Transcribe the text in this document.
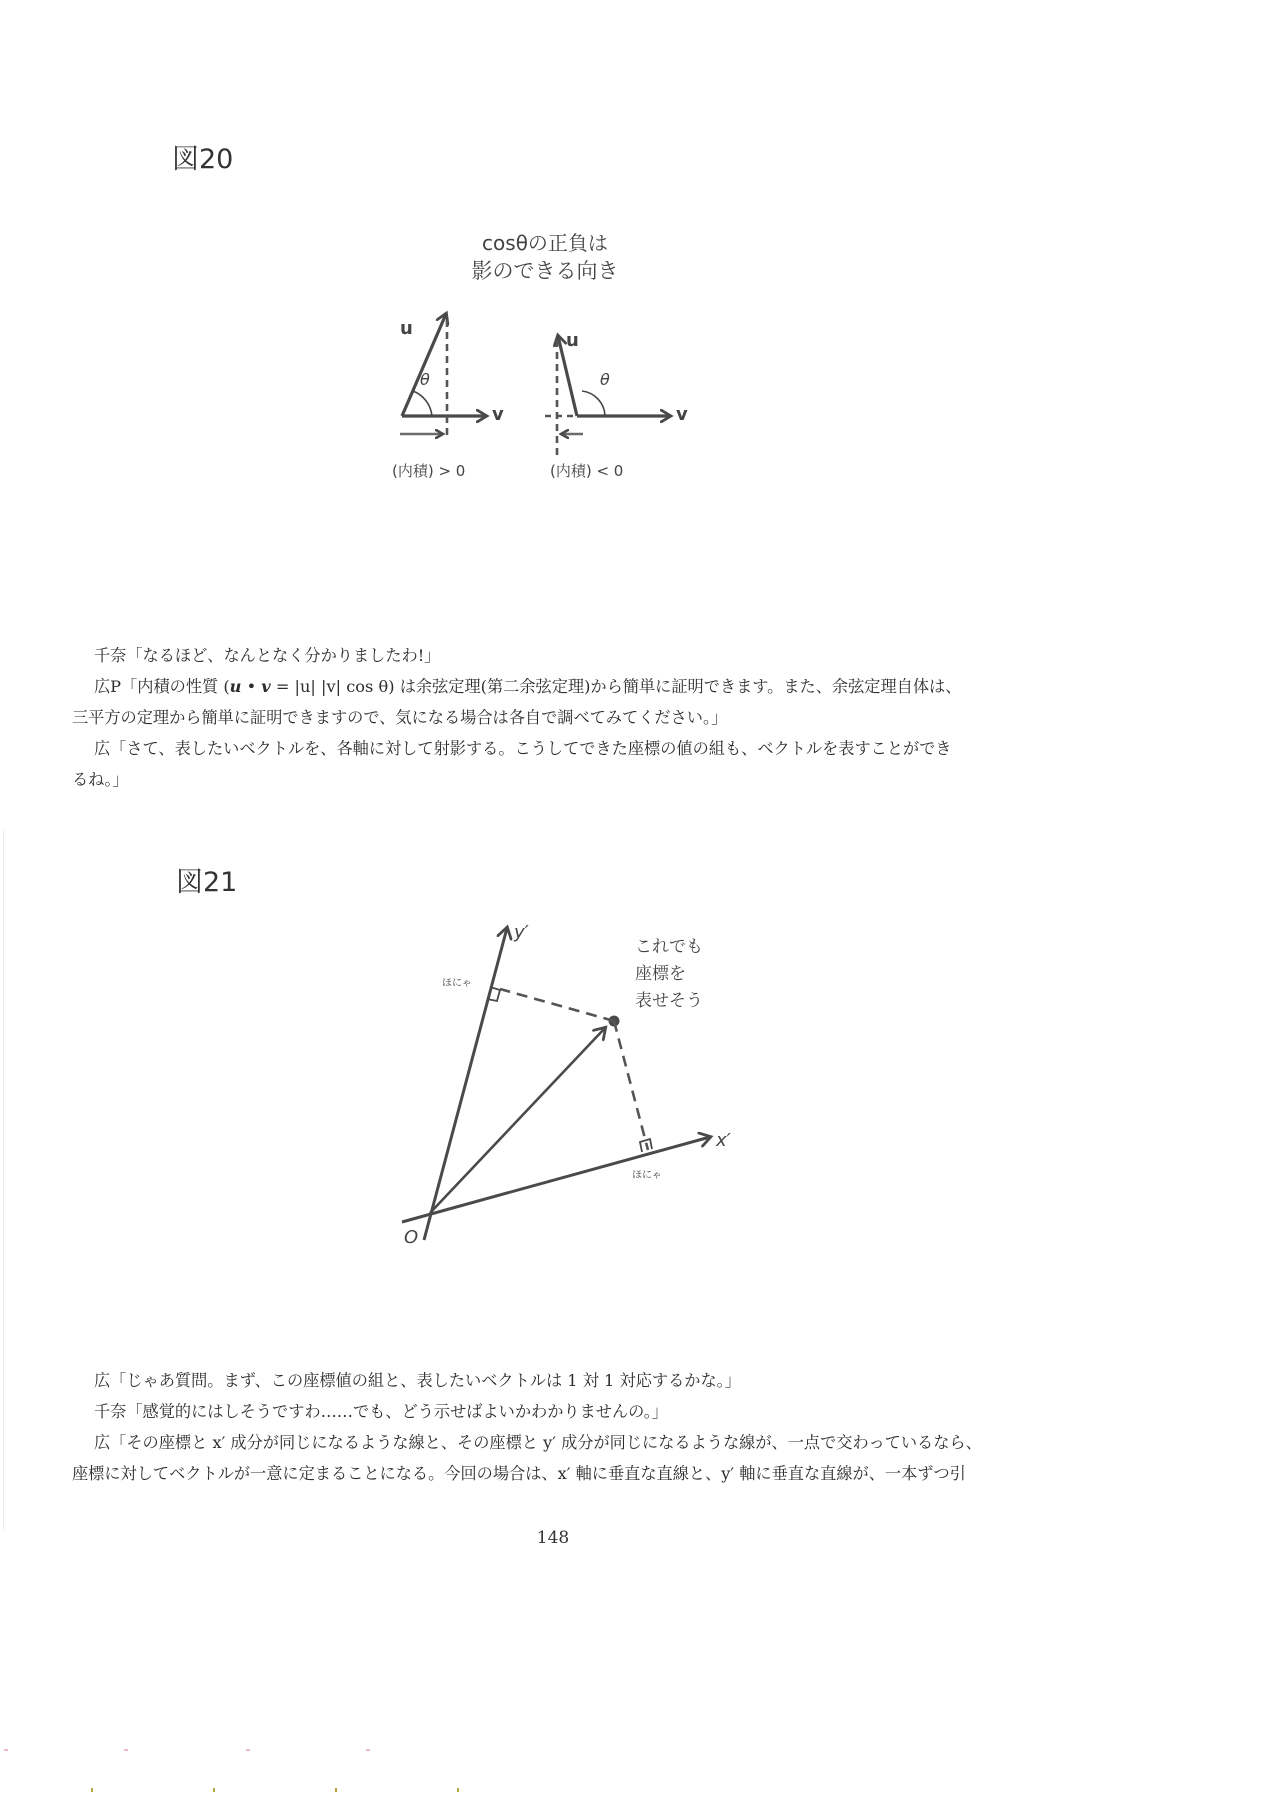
図20
cosθの正負は
影のできる向き
θ
u
v
(内積) > 0
θ
u
v
(内積) < 0

千奈「なるほど、なんとなく分かりましたわ!」

広P「内積の性質 (u • v = |u| |v| cos θ) は余弦定理(第二余弦定理)から簡単に証明できます。また、余弦定理自体は、

三平方の定理から簡単に証明できますので、気になる場合は各自で調べてみてください。」

広「さて、表したいベクトルを、各軸に対して射影する。こうしてできた座標の値の組も、ベクトルを表すことができ

るね。」

図21
y′
x′
O
ほにゃ
ほにゃ
これでも
座標を
表せそう

広「じゃあ質問。まず、この座標値の組と、表したいベクトルは 1 対 1 対応するかな。」

千奈「感覚的にはしそうですわ……でも、どう示せばよいかわかりませんの。」

広「その座標と x′ 成分が同じになるような線と、その座標と y′ 成分が同じになるような線が、一点で交わっているなら、

座標に対してベクトルが一意に定まることになる。今回の場合は、x′ 軸に垂直な直線と、y′ 軸に垂直な直線が、一本ずつ引

148
